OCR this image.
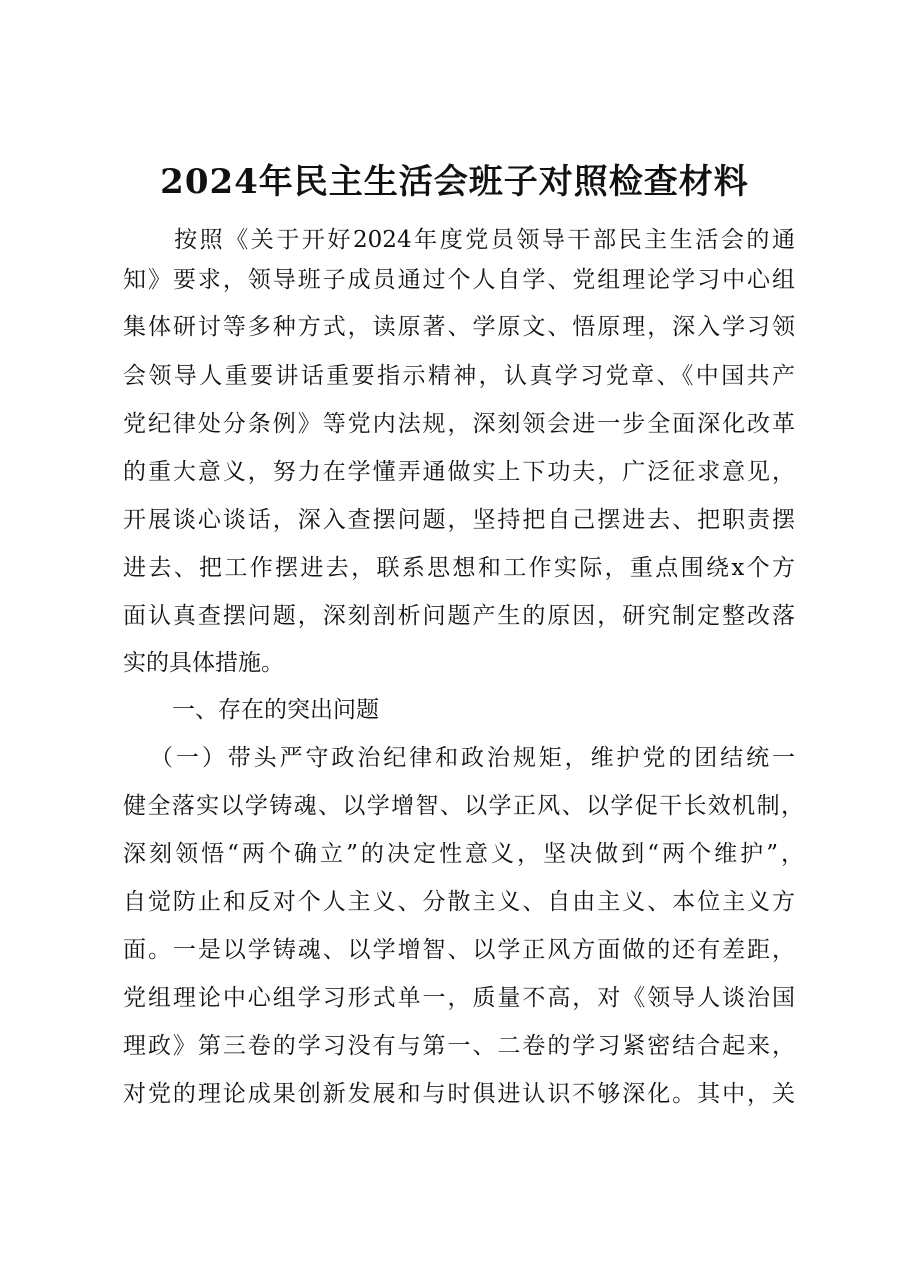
2024年民主生活会班子对照检查材料
　　按照《关于开好2024年度党员领导干部民主生活会的通
知》要求，领导班子成员通过个人自学、党组理论学习中心组
集体研讨等多种方式，读原著、学原文、悟原理，深入学习领
会领导人重要讲话重要指示精神，认真学习党章、《中国共产
党纪律处分条例》等党内法规，深刻领会进一步全面深化改革
的重大意义，努力在学懂弄通做实上下功夫，广泛征求意见，
开展谈心谈话，深入查摆问题，坚持把自己摆进去、把职责摆
进去、把工作摆进去，联系思想和工作实际，重点围绕x个方
面认真查摆问题，深刻剖析问题产生的原因，研究制定整改落
实的具体措施。
一、存在的突出问题
（一）带头严守政治纪律和政治规矩，维护党的团结统一
健全落实以学铸魂、以学增智、以学正风、以学促干长效机制，
深刻领悟“两个确立”的决定性意义，坚决做到“两个维护”，
自觉防止和反对个人主义、分散主义、自由主义、本位主义方
面。一是以学铸魂、以学增智、以学正风方面做的还有差距，
党组理论中心组学习形式单一，质量不高，对《领导人谈治国
理政》第三卷的学习没有与第一、二卷的学习紧密结合起来，
对党的理论成果创新发展和与时俱进认识不够深化。其中，关
